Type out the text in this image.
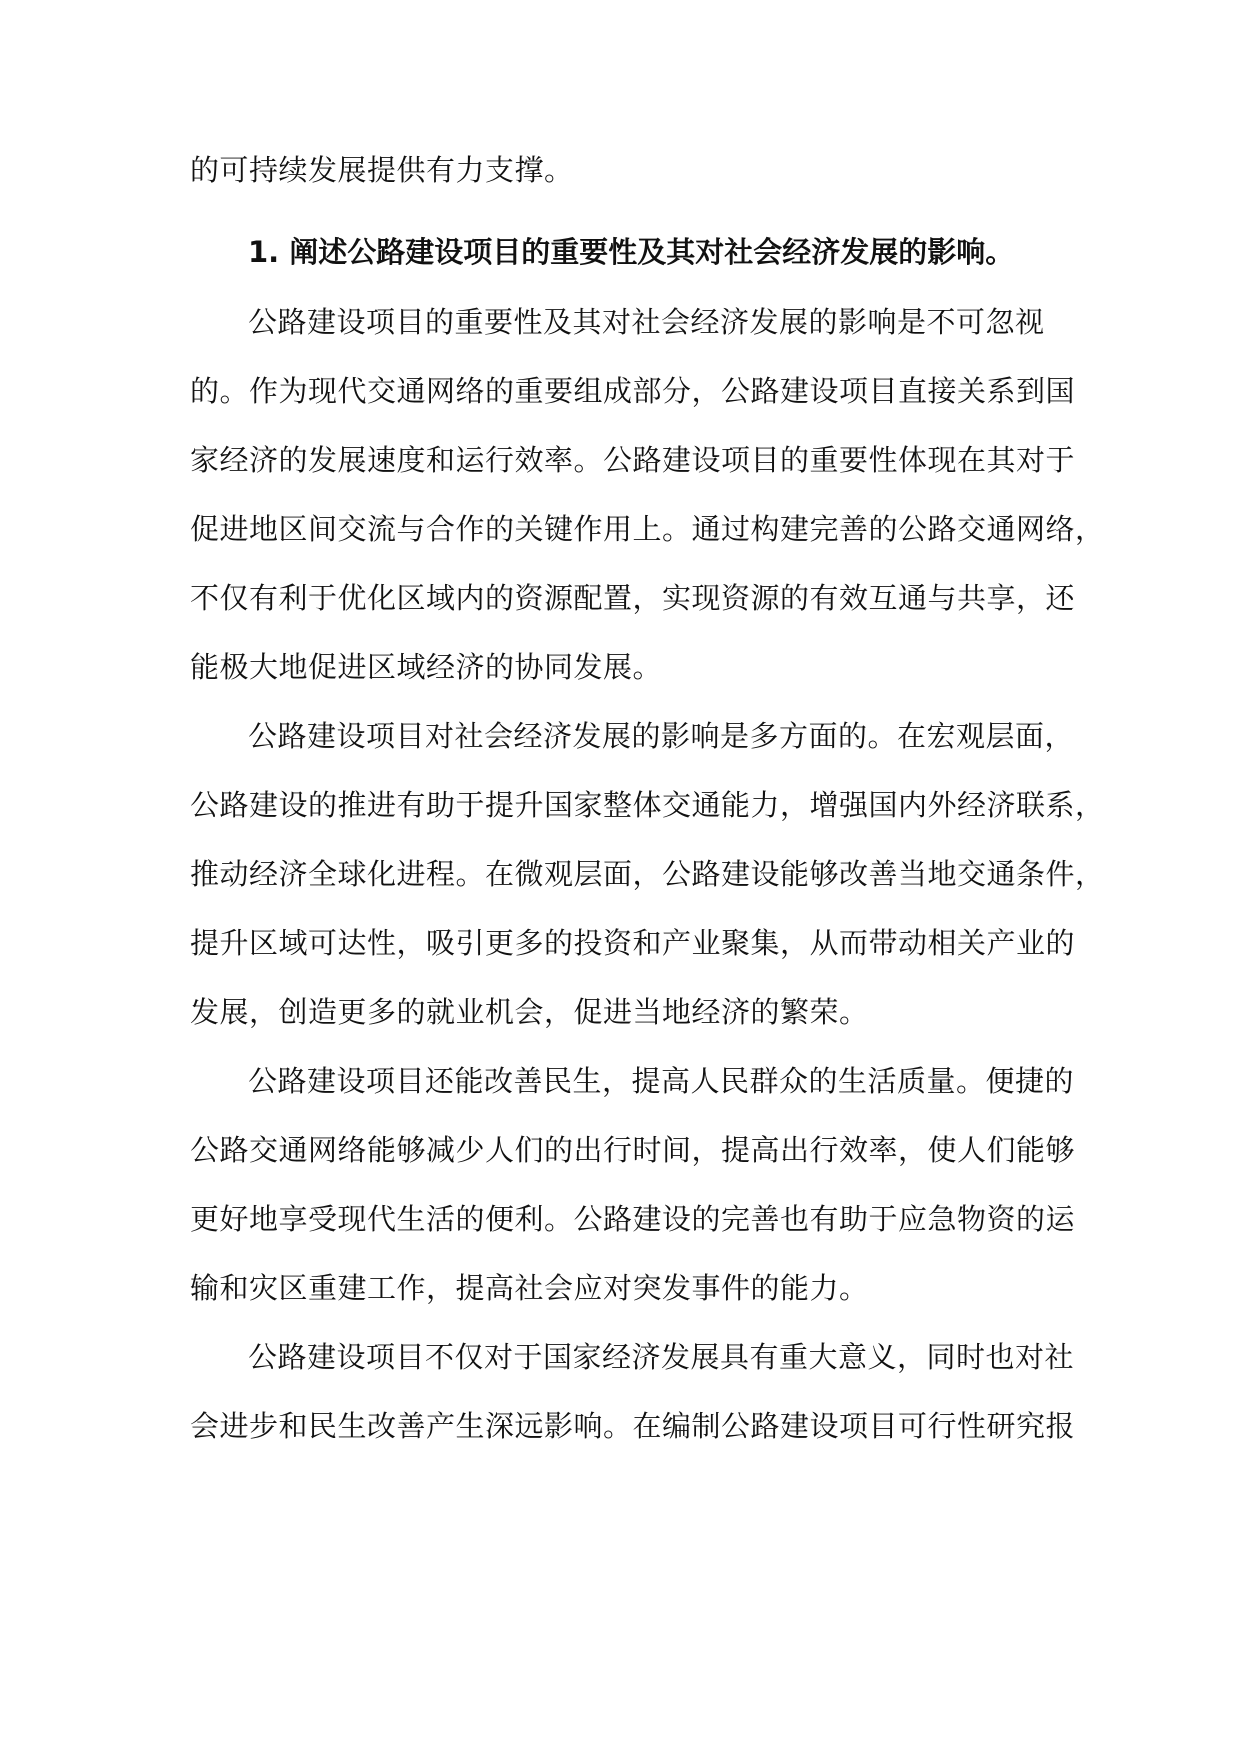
的可持续发展提供有力支撑。
1. 阐述公路建设项目的重要性及其对社会经济发展的影响。
公路建设项目的重要性及其对社会经济发展的影响是不可忽视
的。作为现代交通网络的重要组成部分，公路建设项目直接关系到国
家经济的发展速度和运行效率。公路建设项目的重要性体现在其对于
促进地区间交流与合作的关键作用上。通过构建完善的公路交通网络，
不仅有利于优化区域内的资源配置，实现资源的有效互通与共享，还
能极大地促进区域经济的协同发展。
公路建设项目对社会经济发展的影响是多方面的。在宏观层面，
公路建设的推进有助于提升国家整体交通能力，增强国内外经济联系，
推动经济全球化进程。在微观层面，公路建设能够改善当地交通条件，
提升区域可达性，吸引更多的投资和产业聚集，从而带动相关产业的
发展，创造更多的就业机会，促进当地经济的繁荣。
公路建设项目还能改善民生，提高人民群众的生活质量。便捷的
公路交通网络能够减少人们的出行时间，提高出行效率，使人们能够
更好地享受现代生活的便利。公路建设的完善也有助于应急物资的运
输和灾区重建工作，提高社会应对突发事件的能力。
公路建设项目不仅对于国家经济发展具有重大意义，同时也对社
会进步和民生改善产生深远影响。在编制公路建设项目可行性研究报
